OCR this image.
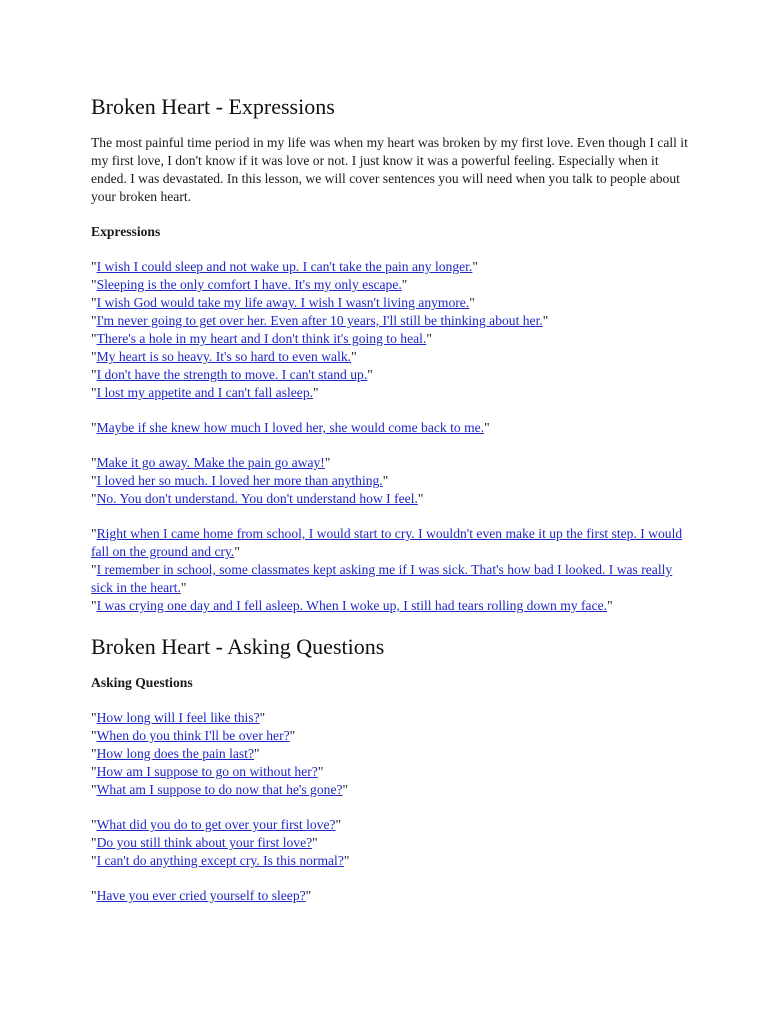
Broken Heart - Expressions

The most painful time period in my life was when my heart was broken by my first love. Even though I call it my first love, I don't know if it was love or not. I just know it was a powerful feeling. Especially when it ended. I was devastated. In this lesson, we will cover sentences you will need when you talk to people about your broken heart.

Expressions
"I wish I could sleep and not wake up. I can't take the pain any longer."
"Sleeping is the only comfort I have. It's my only escape."
"I wish God would take my life away. I wish I wasn't living anymore."
"I'm never going to get over her. Even after 10 years, I'll still be thinking about her."
"There's a hole in my heart and I don't think it's going to heal."
"My heart is so heavy. It's so hard to even walk."
"I don't have the strength to move. I can't stand up."
"I lost my appetite and I can't fall asleep."
"Maybe if she knew how much I loved her, she would come back to me."
"Make it go away. Make the pain go away!"
"I loved her so much. I loved her more than anything."
"No. You don't understand. You don't understand how I feel."
"Right when I came home from school, I would start to cry. I wouldn't even make it up the first step. I would fall on the ground and cry."
"I remember in school, some classmates kept asking me if I was sick. That's how bad I looked. I was really sick in the heart."
"I was crying one day and I fell asleep. When I woke up, I still had tears rolling down my face."
Broken Heart - Asking Questions
Asking Questions
"How long will I feel like this?"
"When do you think I'll be over her?"
"How long does the pain last?"
"How am I suppose to go on without her?"
"What am I suppose to do now that he's gone?"
"What did you do to get over your first love?"
"Do you still think about your first love?"
"I can't do anything except cry. Is this normal?"
"Have you ever cried yourself to sleep?"
